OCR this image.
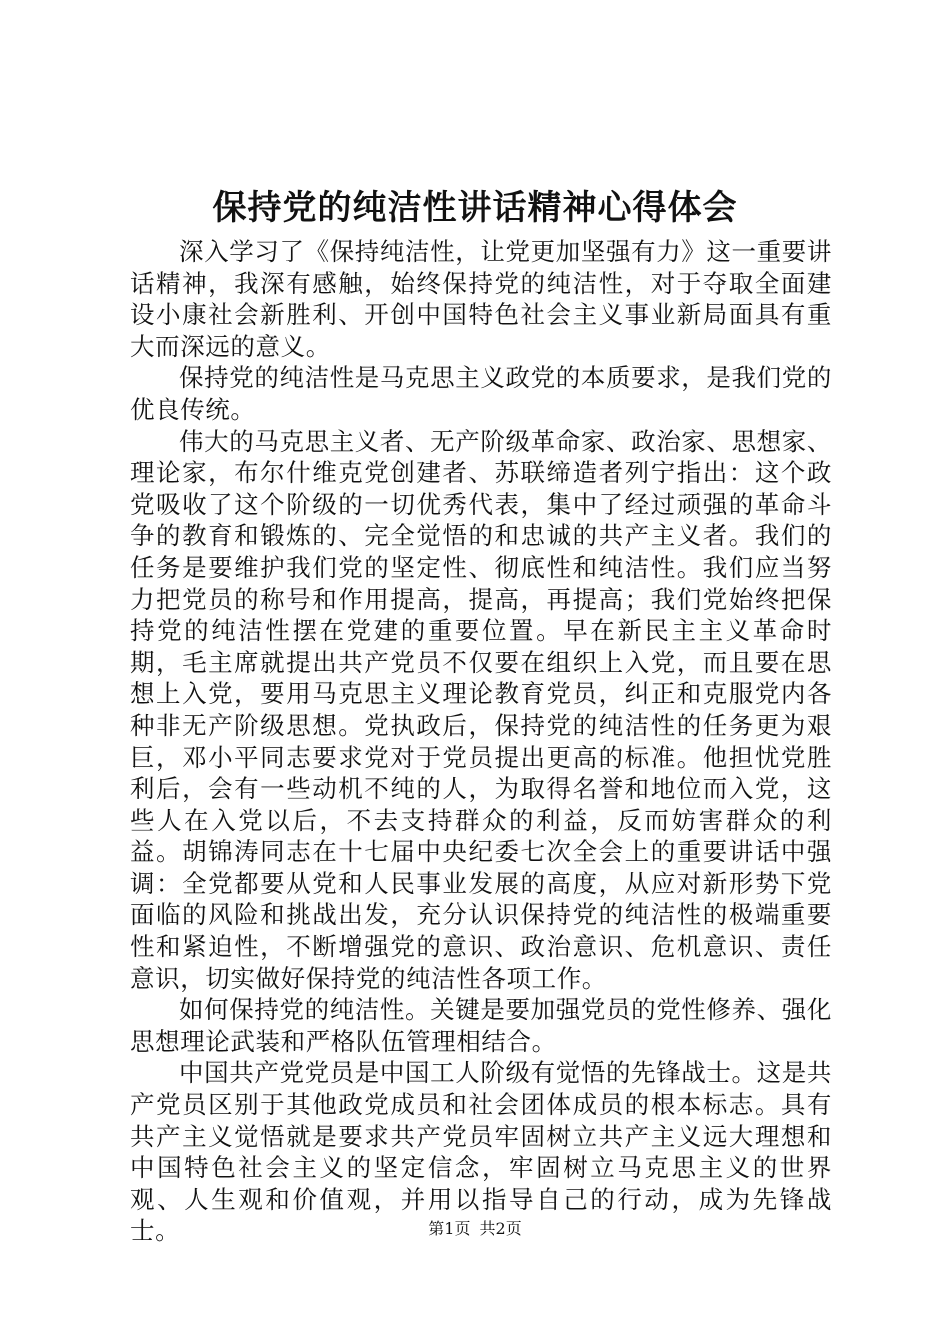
保持党的纯洁性讲话精神心得体会

深入学习了《保持纯洁性，让党更加坚强有力》这一重要讲话精神，我深有感触，始终保持党的纯洁性，对于夺取全面建设小康社会新胜利、开创中国特色社会主义事业新局面具有重大而深远的意义。

保持党的纯洁性是马克思主义政党的本质要求，是我们党的优良传统。

伟大的马克思主义者、无产阶级革命家、政治家、思想家、理论家，布尔什维克党创建者、苏联缔造者列宁指出：这个政党吸收了这个阶级的一切优秀代表，集中了经过顽强的革命斗争的教育和锻炼的、完全觉悟的和忠诚的共产主义者。我们的任务是要维护我们党的坚定性、彻底性和纯洁性。我们应当努力把党员的称号和作用提高，提高，再提高；我们党始终把保持党的纯洁性摆在党建的重要位置。早在新民主主义革命时期，毛主席就提出共产党员不仅要在组织上入党，而且要在思想上入党，要用马克思主义理论教育党员，纠正和克服党内各种非无产阶级思想。党执政后，保持党的纯洁性的任务更为艰巨，邓小平同志要求党对于党员提出更高的标准。他担忧党胜利后，会有一些动机不纯的人，为取得名誉和地位而入党，这些人在入党以后，不去支持群众的利益，反而妨害群众的利益。胡锦涛同志在十七届中央纪委七次全会上的重要讲话中强调：全党都要从党和人民事业发展的高度，从应对新形势下党面临的风险和挑战出发，充分认识保持党的纯洁性的极端重要性和紧迫性，不断增强党的意识、政治意识、危机意识、责任意识，切实做好保持党的纯洁性各项工作。

如何保持党的纯洁性。关键是要加强党员的党性修养、强化思想理论武装和严格队伍管理相结合。

中国共产党党员是中国工人阶级有觉悟的先锋战士。这是共产党员区别于其他政党成员和社会团体成员的根本标志。具有共产主义觉悟就是要求共产党员牢固树立共产主义远大理想和中国特色社会主义的坚定信念，牢固树立马克思主义的世界观、人生观和价值观，并用以指导自己的行动，成为先锋战士。	第1页 共2页
